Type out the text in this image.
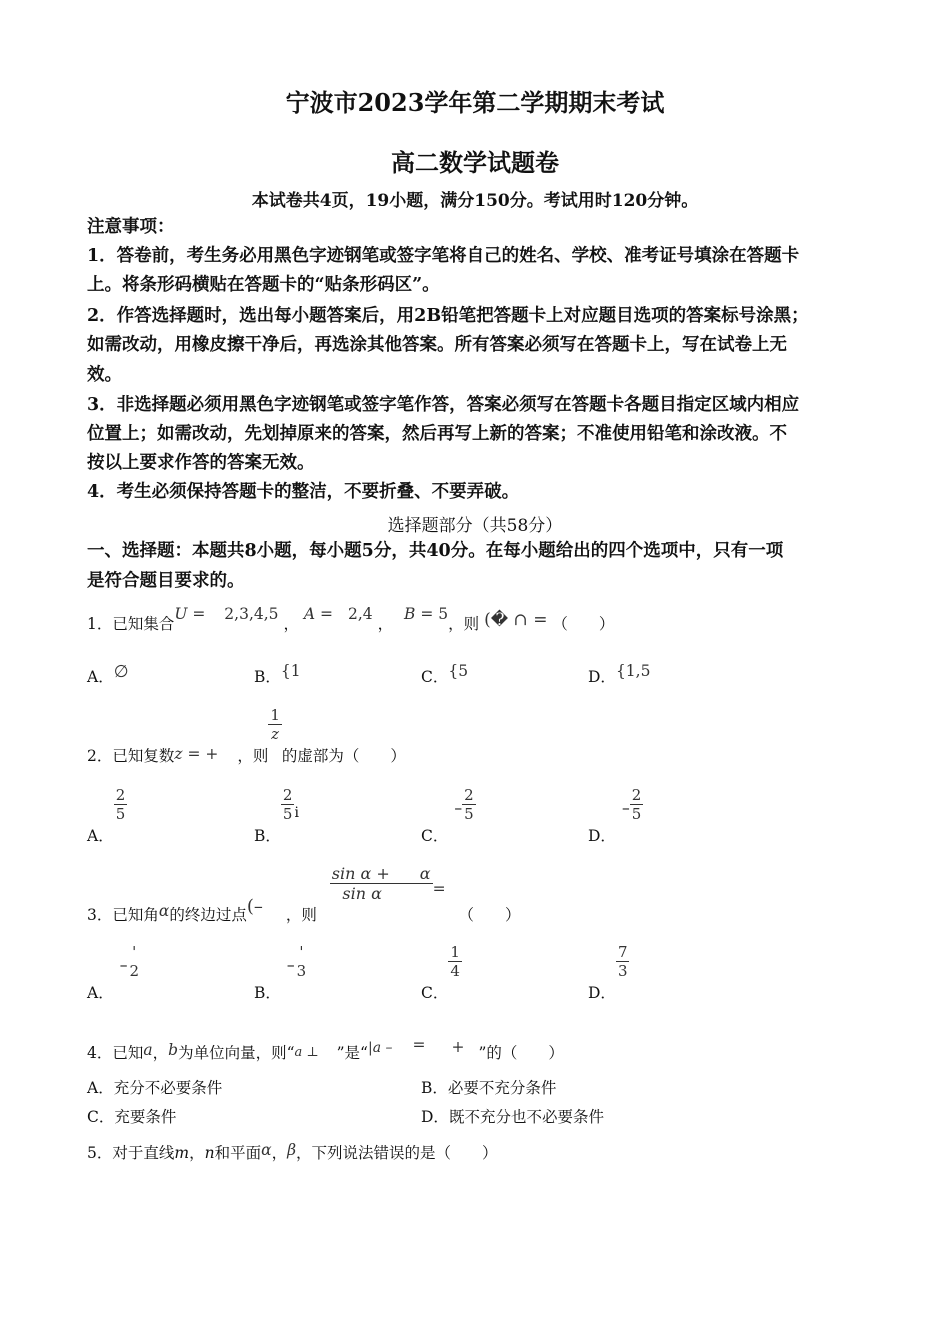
宁波市2023学年第二学期期末考试
高二数学试题卷
本试卷共4页，19小题，满分150分。考试用时120分钟。
注意事项：
1．答卷前，考生务必用黑色字迹钢笔或签字笔将自己的姓名、学校、准考证号填涂在答题卡
上。将条形码横贴在答题卡的“贴条形码区”。
2．作答选择题时，选出每小题答案后，用2B铅笔把答题卡上对应题目选项的答案标号涂黑；
如需改动，用橡皮擦干净后，再选涂其他答案。所有答案必须写在答题卡上，写在试卷上无
效。
3．非选择题必须用黑色字迹钢笔或签字笔作答，答案必须写在答题卡各题目指定区域内相应
位置上；如需改动，先划掉原来的答案，然后再写上新的答案；不准使用铅笔和涂改液。不
按以上要求作答的答案无效。
4．考生必须保持答题卡的整洁，不要折叠、不要弄破。
选择题部分（共58分）
一、选择题：本题共8小题，每小题5分，共40分。在每小题给出的四个选项中，只有一项
是符合题目要求的。
1．已知集合U = 2,3,4,5 ， A = 2,4 ， B = 5，则 (� ∩ = （　　）
A．∅	B．{1	C．{5	D．{1,5
2．已知复数z = + ，则
$\frac{1}{z}$
的虚部为（　　）
A．
$\frac{2}{5}$
B．
$\frac{2}{5}$ i
C．– $\frac{2}{5}$
D．– $\frac{2}{5}$
3．已知角α的终边过点(– ，则
$\frac{\text{sin α + α}}{\text{sin α}}$ = （　　）
A．–
'
2
B．–
'
3
C．
$\frac{1}{4}$
D．
$\frac{7}{3}$
4．已知a，b为单位向量，则“a ⊥ ”是“|a – = + ”的（　　）
A．充分不必要条件	B．必要不充分条件
C．充要条件	D．既不充分也不必要条件
5．对于直线m，n和平面α，β，下列说法错误的是（　　）
